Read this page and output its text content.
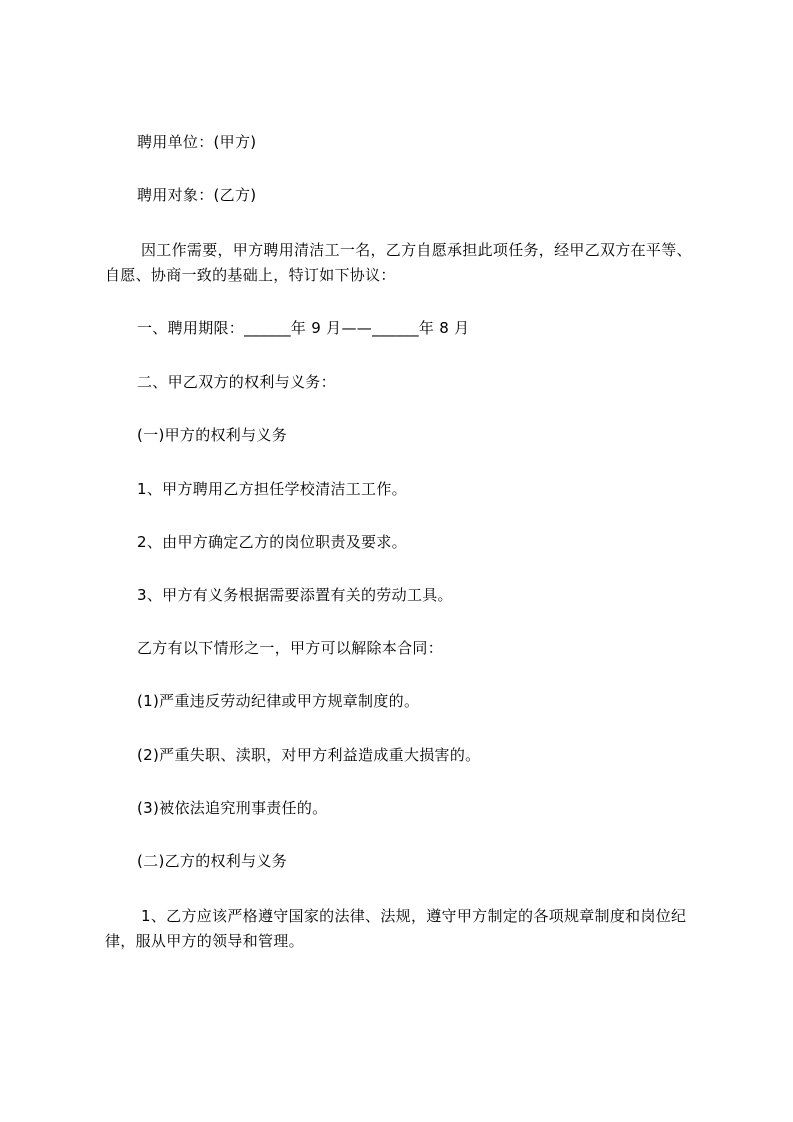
聘用单位：(甲方)
聘用对象：(乙方)
因工作需要，甲方聘用清洁工一名，乙方自愿承担此项任务，经甲乙双方在平等、
自愿、协商一致的基础上，特订如下协议：
一、聘用期限：______年 9 月——______年 8 月
二、甲乙双方的权利与义务：
(一)甲方的权利与义务
1、甲方聘用乙方担任学校清洁工工作。
2、由甲方确定乙方的岗位职责及要求。
3、甲方有义务根据需要添置有关的劳动工具。
乙方有以下情形之一，甲方可以解除本合同：
(1)严重违反劳动纪律或甲方规章制度的。
(2)严重失职、渎职，对甲方利益造成重大损害的。
(3)被依法追究刑事责任的。
(二)乙方的权利与义务
1、乙方应该严格遵守国家的法律、法规，遵守甲方制定的各项规章制度和岗位纪
律，服从甲方的领导和管理。
